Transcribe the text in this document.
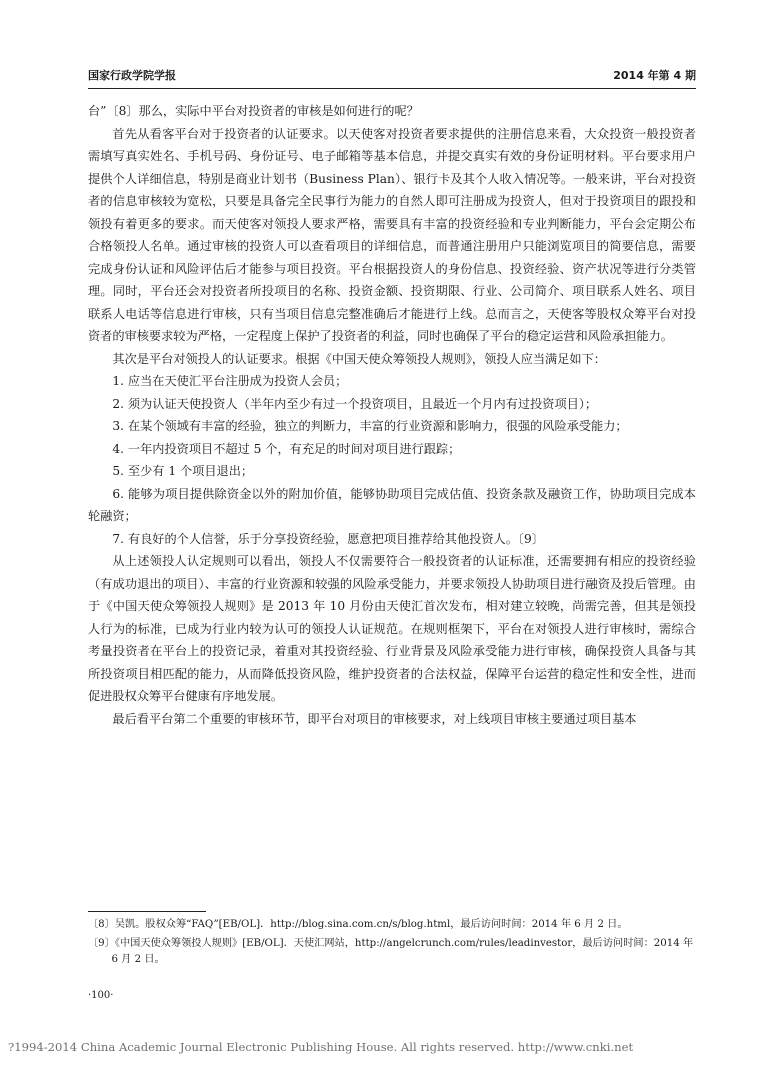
国家行政学院学报	2014 年第 4 期

台”〔8〕那么，实际中平台对投资者的审核是如何进行的呢？

首先从看客平台对于投资者的认证要求。以天使客对投资者要求提供的注册信息来看，大众投资一般投资者需填写真实姓名、手机号码、身份证号、电子邮箱等基本信息，并提交真实有效的身份证明材料。平台要求用户提供个人详细信息，特别是商业计划书（Business Plan）、银行卡及其个人收入情况等。一般来讲，平台对投资者的信息审核较为宽松，只要是具备完全民事行为能力的自然人即可注册成为投资人，但对于投资项目的跟投和领投有着更多的要求。而天使客对领投人要求严格，需要具有丰富的投资经验和专业判断能力，平台会定期公布合格领投人名单。通过审核的投资人可以查看项目的详细信息，而普通注册用户只能浏览项目的简要信息，需要完成身份认证和风险评估后才能参与项目投资。平台根据投资人的身份信息、投资经验、资产状况等进行分类管理。同时，平台还会对投资者所投项目的名称、投资金额、投资期限、行业、公司简介、项目联系人姓名、项目联系人电话等信息进行审核，只有当项目信息完整准确后才能进行上线。总而言之，天使客等股权众筹平台对投资者的审核要求较为严格，一定程度上保护了投资者的利益，同时也确保了平台的稳定运营和风险承担能力。

其次是平台对领投人的认证要求。根据《中国天使众筹领投人规则》，领投人应当满足如下：

1. 应当在天使汇平台注册成为投资人会员；

2. 须为认证天使投资人（半年内至少有过一个投资项目，且最近一个月内有过投资项目）；

3. 在某个领域有丰富的经验，独立的判断力，丰富的行业资源和影响力，很强的风险承受能力；

4. 一年内投资项目不超过 5 个，有充足的时间对项目进行跟踪；

5. 至少有 1 个项目退出；

6. 能够为项目提供除资金以外的附加价值，能够协助项目完成估值、投资条款及融资工作，协助项目完成本轮融资；

7. 有良好的个人信誉，乐于分享投资经验，愿意把项目推荐给其他投资人。〔9〕

从上述领投人认定规则可以看出，领投人不仅需要符合一般投资者的认证标准，还需要拥有相应的投资经验（有成功退出的项目）、丰富的行业资源和较强的风险承受能力，并要求领投人协助项目进行融资及投后管理。由于《中国天使众筹领投人规则》是 2013 年 10 月份由天使汇首次发布，相对建立较晚，尚需完善，但其是领投人行为的标准，已成为行业内较为认可的领投人认证规范。在规则框架下，平台在对领投人进行审核时，需综合考量投资者在平台上的投资记录，着重对其投资经验、行业背景及风险承受能力进行审核，确保投资人具备与其所投资项目相匹配的能力，从而降低投资风险，维护投资者的合法权益，保障平台运营的稳定性和安全性，进而促进股权众筹平台健康有序地发展。

最后看平台第二个重要的审核环节，即平台对项目的审核要求，对上线项目审核主要通过项目基本

〔8〕吴凯。股权众筹“FAQ”[EB/OL]．http://blog.sina.com.cn/s/blog.html，最后访问时间：2014 年 6 月 2 日。

〔9〕《中国天使众筹领投人规则》[EB/OL]．天使汇网站，http://angelcrunch.com/rules/leadinvestor，最后访问时间：2014 年 6 月 2 日。

·100·
?1994-2014 China Academic Journal Electronic Publishing House. All rights reserved. http://www.cnki.net
